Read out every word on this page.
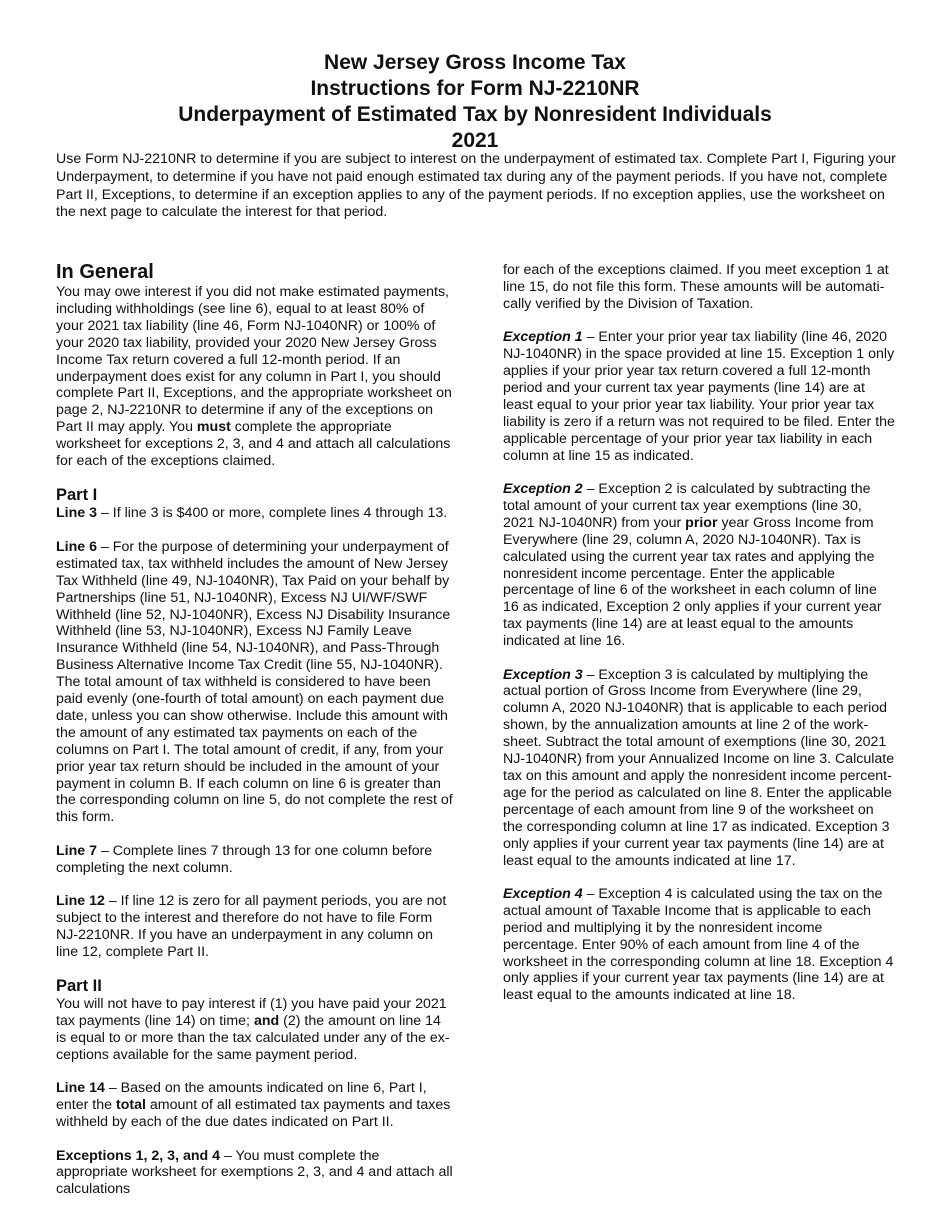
New Jersey Gross Income Tax
Instructions for Form NJ-2210NR
Underpayment of Estimated Tax by Nonresident Individuals
2021

Use Form NJ-2210NR to determine if you are subject to interest on the underpayment of estimated tax. Complete Part I, Figuring your Underpayment, to determine if you have not paid enough estimated tax during any of the payment periods. If you have not, complete Part II, Exceptions, to determine if an exception applies to any of the payment periods. If no exception applies, use the worksheet on the next page to calculate the interest for that period.

In General

You may owe interest if you did not make estimated payments, including withholdings (see line 6), equal to at least 80% of your 2021 tax liability (line 46, Form NJ-1040NR) or 100% of your 2020 tax liability, provided your 2020 New Jersey Gross Income Tax return covered a full 12-month period. If an underpayment does exist for any column in Part I, you should complete Part II, Exceptions, and the appropriate worksheet on page 2, NJ-2210NR to determine if any of the exceptions on Part II may apply. You must complete the appropriate worksheet for exceptions 2, 3, and 4 and attach all calculations for each of the exceptions claimed.

Part I

Line 3 – If line 3 is $400 or more, complete lines 4 through 13.

Line 6 – For the purpose of determining your underpayment of estimated tax, tax withheld includes the amount of New Jersey Tax Withheld (line 49, NJ-1040NR), Tax Paid on your behalf by Partnerships (line 51, NJ-1040NR), Excess NJ UI/WF/SWF Withheld (line 52, NJ-1040NR), Excess NJ Disability Insurance Withheld (line 53, NJ-1040NR), Excess NJ Family Leave Insurance Withheld (line 54, NJ-1040NR), and Pass-Through Business Alternative Income Tax Credit (line 55, NJ-1040NR). The total amount of tax withheld is considered to have been paid evenly (one-fourth of total amount) on each payment due date, unless you can show otherwise. Include this amount with the amount of any estimated tax payments on each of the columns on Part I. The total amount of credit, if any, from your prior year tax return should be included in the amount of your payment in column B. If each column on line 6 is greater than the corresponding column on line 5, do not complete the rest of this form.

Line 7 – Complete lines 7 through 13 for one column before completing the next column.

Line 12 – If line 12 is zero for all payment periods, you are not subject to the interest and therefore do not have to file Form NJ-2210NR. If you have an underpayment in any column on line 12, complete Part II.

Part II

You will not have to pay interest if (1) you have paid your 2021 tax payments (line 14) on time; and (2) the amount on line 14 is equal to or more than the tax calculated under any of the exceptions available for the same payment period.

Line 14 – Based on the amounts indicated on line 6, Part I, enter the total amount of all estimated tax payments and taxes withheld by each of the due dates indicated on Part II.

Exceptions 1, 2, 3, and 4 – You must complete the appropriate worksheet for exemptions 2, 3, and 4 and attach all calculations

for each of the exceptions claimed. If you meet exception 1 at line 15, do not file this form. These amounts will be automatically verified by the Division of Taxation.

Exception 1 – Enter your prior year tax liability (line 46, 2020 NJ-1040NR) in the space provided at line 15. Exception 1 only applies if your prior year tax return covered a full 12-month period and your current tax year payments (line 14) are at least equal to your prior year tax liability. Your prior year tax liability is zero if a return was not required to be filed. Enter the applicable percentage of your prior year tax liability in each column at line 15 as indicated.

Exception 2 – Exception 2 is calculated by subtracting the total amount of your current tax year exemptions (line 30, 2021 NJ-1040NR) from your prior year Gross Income from Everywhere (line 29, column A, 2020 NJ-1040NR). Tax is calculated using the current year tax rates and applying the nonresident income percentage. Enter the applicable percentage of line 6 of the worksheet in each column of line 16 as indicated, Exception 2 only applies if your current year tax payments (line 14) are at least equal to the amounts indicated at line 16.

Exception 3 – Exception 3 is calculated by multiplying the actual portion of Gross Income from Everywhere (line 29, column A, 2020 NJ-1040NR) that is applicable to each period shown, by the annualization amounts at line 2 of the worksheet. Subtract the total amount of exemptions (line 30, 2021 NJ-1040NR) from your Annualized Income on line 3. Calculate tax on this amount and apply the nonresident income percentage for the period as calculated on line 8. Enter the applicable percentage of each amount from line 9 of the worksheet on the corresponding column at line 17 as indicated. Exception 3 only applies if your current year tax payments (line 14) are at least equal to the amounts indicated at line 17.

Exception 4 – Exception 4 is calculated using the tax on the actual amount of Taxable Income that is applicable to each period and multiplying it by the nonresident income percentage. Enter 90% of each amount from line 4 of the worksheet in the corresponding column at line 18. Exception 4 only applies if your current year tax payments (line 14) are at least equal to the amounts indicated at line 18.
